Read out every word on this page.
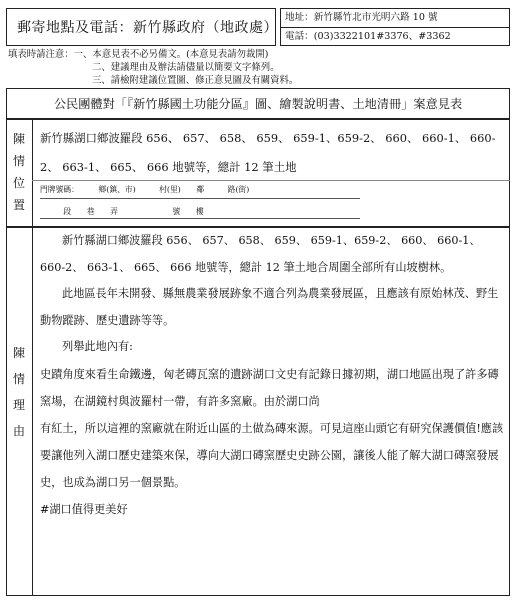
郵寄地點及電話：新竹縣政府（地政處）
地址：新竹縣竹北市光明六路 10 號
電話：(03)3322101#3376、#3362
填表時請注意：一、本意見表不必另備文。(本意見表請勿裁開)
二、建議理由及辦法請儘量以簡要文字條列。
三、請檢附建議位置圖、修正意見圖及有關資料。
公民團體對「『新竹縣國土功能分區』圖、繪製說明書、土地清冊」案意見表
陳
情
位
置
新竹縣湖口鄉波羅段 656、 657、 658、 659、 659-1、659-2、 660、 660-1、 660-2、 663-1、 665、 666 地號等，總計 12 筆土地
門牌號碼：　　　鄉(鎮、市)　　　村(里)　　鄰　　　路(街)
　　　段　　巷　　弄　　　　　　　號　　樓
陳
情
理
由

新竹縣湖口鄉波羅段 656、 657、 658、 659、 659-1、659-2、 660、 660-1、 660-2、 663-1、 665、 666 地號等，總計 12 筆土地合周圍全部所有山坡樹林。

此地區長年未開發、縣無農業發展跡象不適合列為農業發展區，且應該有原始林茂、野生動物蹤跡、歷史遺跡等等。

列舉此地內有:

史蹟角度來看生命鐵邊，匈老磚瓦窯的遺跡湖口文史有記錄日據初期，湖口地區出現了許多磚窯場，在湖鏡村與波羅村一帶，有許多窯廠。由於湖口尚

有紅土，所以這裡的窯廠就在附近山區的土做為磚來源。可見這座山頭它有研究保護價值!應該要讓他列入湖口歷史建築來保，導向大湖口磚窯歷史史跡公園，讓後人能了解大湖口磚窯發展史，也成為湖口另一個景點。

#湖口值得更美好
